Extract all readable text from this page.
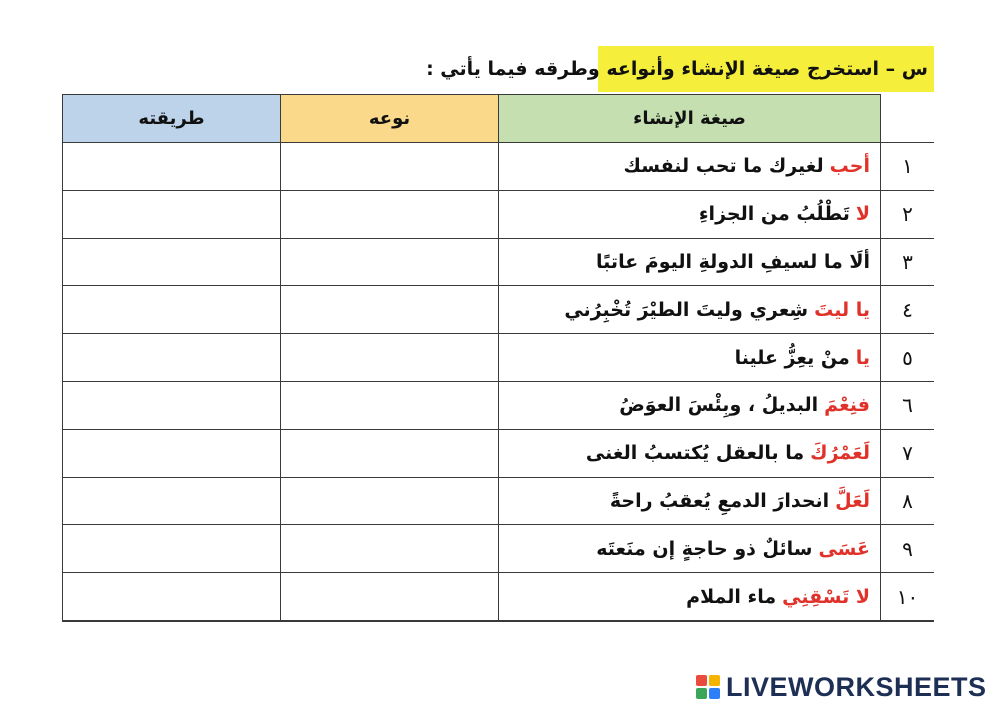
س – استخرج صيغة الإنشاء وأنواعه وطرقه فيما يأتي :
طريقته	نوعه	صيغة الإنشاء
أحب
لغيرك ما تحب لنفسك	١
لا
تَطْلُبُ من الجزاءِ	٢
ألَا ما لسيفِ الدولةِ اليومَ عاتبًا	٣
يا ليتَ
شِعري وليتَ الطيْرَ تُخْبِرُني	٤
يا
منْ يعِزُّ علينا	٥
فنِعْمَ
البديلُ ، وبِئْسَ العوَضُ	٦
لَعَمْرُكَ
ما بالعقل يُكتسبُ الغنى	٧
لَعَلَّ
انحدارَ الدمعِ يُعقبُ راحةً	٨
عَسَى
سائلٌ ذو حاجةٍ إن منَعتَه	٩
لا تَسْقِنِي
ماء الملام	١٠
LIVEWORKSHEETS
